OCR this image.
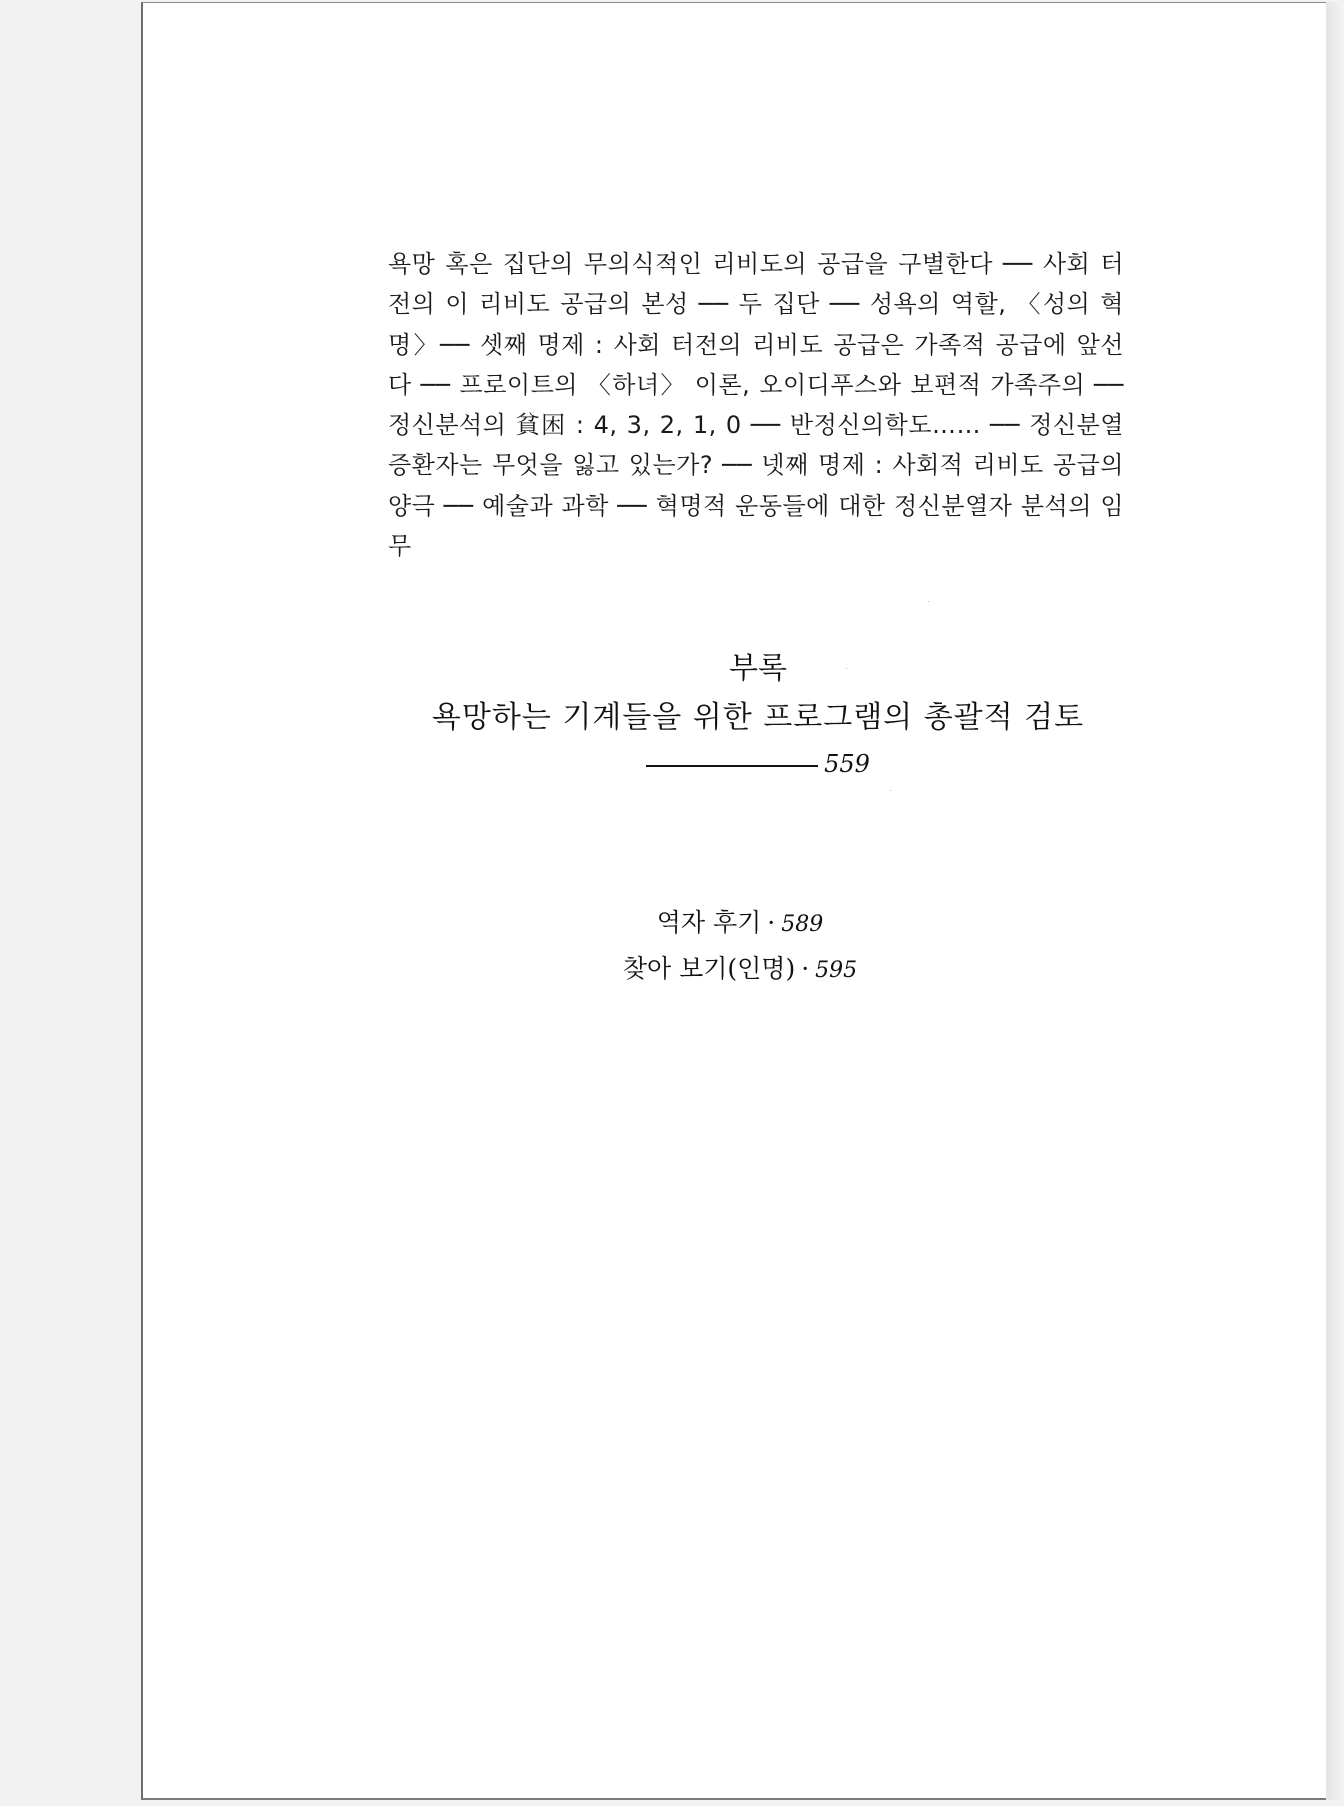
욕망 혹은 집단의 무의식적인 리비도의 공급을 구별한다 ── 사회 터전의 이 리비도 공급의 본성 ── 두 집단 ── 성욕의 역할, 〈성의 혁명〉── 셋째 명제 : 사회 터전의 리비도 공급은 가족적 공급에 앞선다 ── 프로이트의 〈하녀〉 이론, 오이디푸스와 보편적 가족주의 ── 정신분석의 貧困 : 4, 3, 2, 1, 0 ── 반정신의학도…… ── 정신분열증환자는 무엇을 잃고 있는가? ── 넷째 명제 : 사회적 리비도 공급의 양극 ── 예술과 과학 ── 혁명적 운동들에 대한 정신분열자 분석의 임무

부록

욕망하는 기계들을 위한 프로그램의 총괄적 검토

559
역자 후기 · 589
찾아 보기(인명) · 595
